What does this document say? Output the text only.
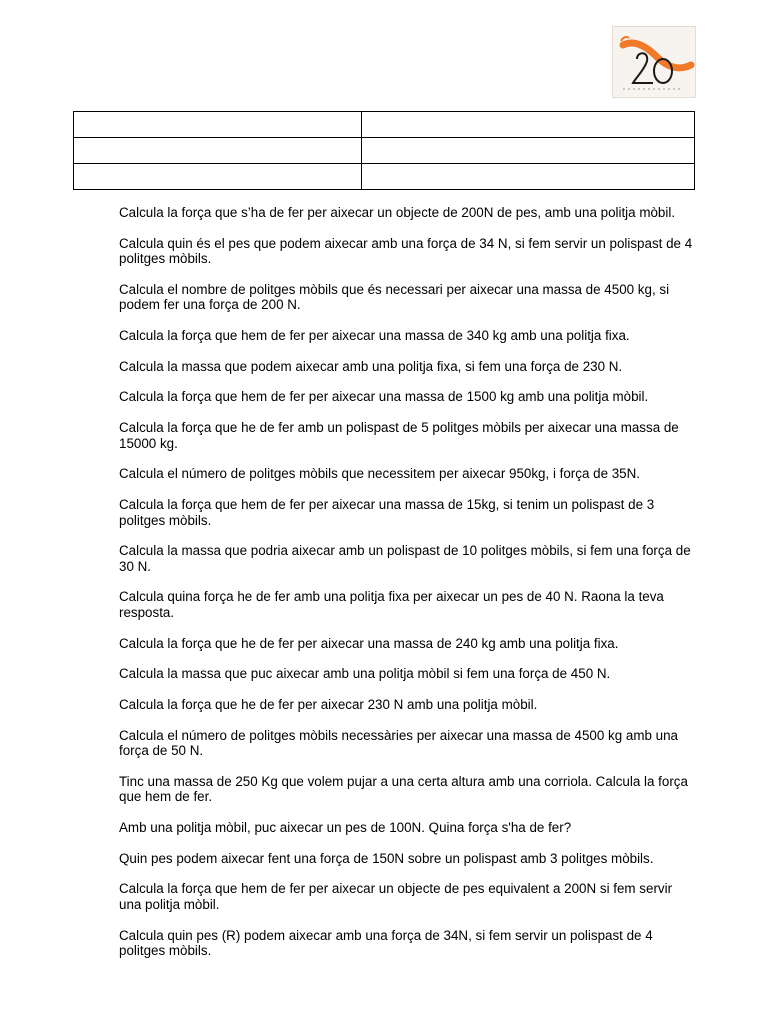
Calcula la força que s’ha de fer per aixecar un objecte de 200N de pes, amb una politja mòbil.
Calcula quin és el pes que podem aixecar amb una força de 34 N, si fem servir un polispast de 4 politges mòbils.
Calcula el nombre de politges mòbils que és necessari per aixecar una massa de 4500 kg, si podem fer una força de 200 N.
Calcula la força que hem de fer per aixecar una massa de 340 kg amb una politja fixa.
Calcula la massa que podem aixecar amb una politja fixa, si fem una força de 230 N.
Calcula la força que hem de fer per aixecar una massa de 1500 kg amb una politja mòbil.
Calcula la força que he de fer amb un polispast de 5 politges mòbils per aixecar una massa de 15000 kg.
Calcula el número de politges mòbils que necessitem per aixecar 950kg, i força de 35N.
Calcula la força que hem de fer per aixecar una massa de 15kg, si tenim un polispast de 3 politges mòbils.
Calcula la massa que podria aixecar amb un polispast de 10 politges mòbils, si fem una força de 30 N.
Calcula quina força he de fer amb una politja fixa per aixecar un pes de 40 N. Raona la teva resposta.
Calcula la força que he de fer per aixecar una massa de 240 kg amb una politja fixa.
Calcula la massa que puc aixecar amb una politja mòbil si fem una força de 450 N.
Calcula la força que he de fer per aixecar 230 N amb una politja mòbil.
Calcula el número de politges mòbils necessàries per aixecar una massa de 4500 kg amb una força de 50 N.
Tinc una massa de 250 Kg que volem pujar a una certa altura amb una corriola. Calcula la força que hem de fer.
Amb una politja mòbil, puc aixecar un pes de 100N. Quina força s'ha de fer?
Quin pes podem aixecar fent una força de 150N sobre un polispast amb 3 politges mòbils.
Calcula la força que hem de fer per aixecar un objecte de pes equivalent a 200N si fem servir una politja mòbil.
Calcula quin pes (R) podem aixecar amb una força de 34N, si fem servir un polispast de 4 politges mòbils.
